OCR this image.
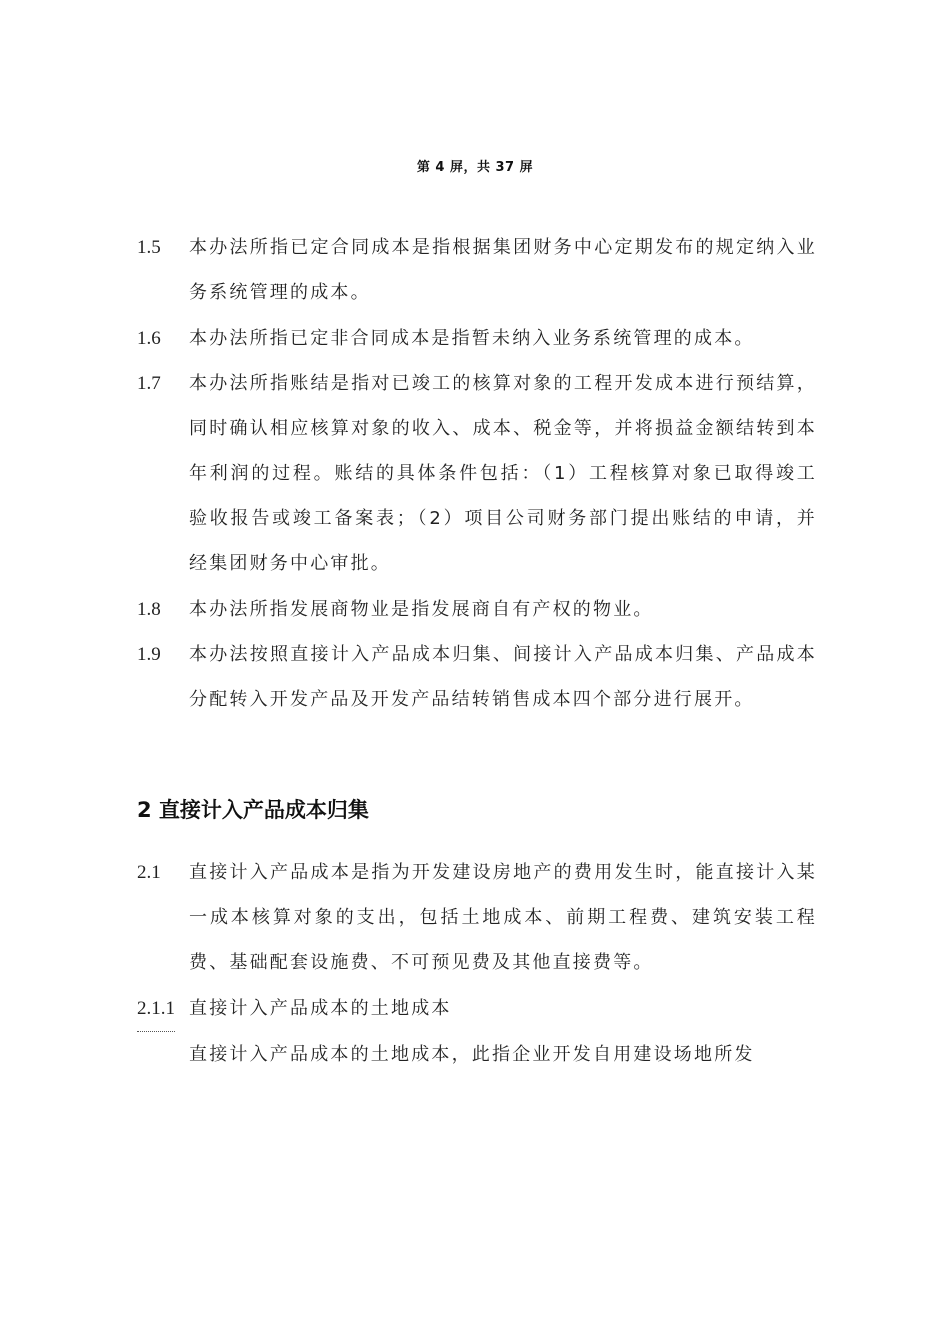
第 4 屏，共 37 屏
1.5 本办法所指已定合同成本是指根据集团财务中心定期发布的规定纳入业务系统管理的成本。
1.6 本办法所指已定非合同成本是指暂未纳入业务系统管理的成本。
1.7 本办法所指账结是指对已竣工的核算对象的工程开发成本进行预结算，同时确认相应核算对象的收入、成本、税金等，并将损益金额结转到本年利润的过程。账结的具体条件包括：（1）工程核算对象已取得竣工验收报告或竣工备案表；（2）项目公司财务部门提出账结的申请，并经集团财务中心审批。
1.8 本办法所指发展商物业是指发展商自有产权的物业。
1.9 本办法按照直接计入产品成本归集、间接计入产品成本归集、产品成本分配转入开发产品及开发产品结转销售成本四个部分进行展开。
2 直接计入产品成本归集
2.1 直接计入产品成本是指为开发建设房地产的费用发生时，能直接计入某一成本核算对象的支出，包括土地成本、前期工程费、建筑安装工程费、基础配套设施费、不可预见费及其他直接费等。
2.1.1 直接计入产品成本的土地成本
直接计入产品成本的土地成本，此指企业开发自用建设场地所发
